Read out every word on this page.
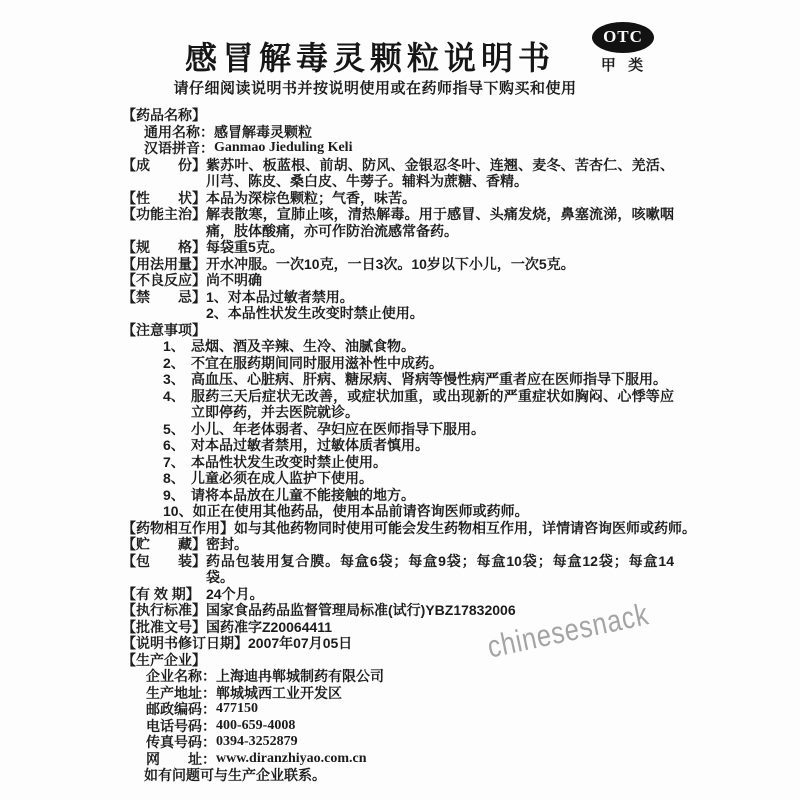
感冒解毒灵颗粒说明书
OTC
甲 类
请仔细阅读说明书并按说明使用或在药师指导下购买和使用
【药品名称】
通用名称： 感冒解毒灵颗粒
汉语拼音： Ganmao Jieduling Keli
【成　　份】 紫苏叶、板蓝根、前胡、防风、金银忍冬叶、连翘、麦冬、苦杏仁、羌活、川芎、陈皮、桑白皮、牛蒡子。辅料为蔗糖、香精。
【性　　状】 本品为深棕色颗粒；气香，味苦。
【功能主治】 解表散寒，宣肺止咳，清热解毒。用于感冒、头痛发烧，鼻塞流涕，咳嗽咽痛，肢体酸痛，亦可作防治流感常备药。
【规　　格】 每袋重5克。
【用法用量】 开水冲服。一次10克，一日3次。10岁以下小儿，一次5克。
【不良反应】 尚不明确
【禁　　忌】 1、对本品过敏者禁用。
2、本品性状发生改变时禁止使用。
【注意事项】
1、 忌烟、酒及辛辣、生冷、油腻食物。
2、 不宜在服药期间同时服用滋补性中成药。
3、 高血压、心脏病、肝病、糖尿病、肾病等慢性病严重者应在医师指导下服用。
4、 服药三天后症状无改善，或症状加重，或出现新的严重症状如胸闷、心悸等应立即停药，并去医院就诊。
5、 小儿、年老体弱者、孕妇应在医师指导下服用。
6、 对本品过敏者禁用，过敏体质者慎用。
7、 本品性状发生改变时禁止使用。
8、 儿童必须在成人监护下使用。
9、 请将本品放在儿童不能接触的地方。
10、 如正在使用其他药品，使用本品前请咨询医师或药师。
【药物相互作用】 如与其他药物同时使用可能会发生药物相互作用，详情请咨询医师或药师。
【贮　　藏】 密封。
【包　　装】 药品包装用复合膜。每盒6袋；每盒9袋；每盒10袋；每盒12袋；每盒14袋。
【有 效 期】 24个月。
【执行标准】 国家食品药品监督管理局标准(试行)YBZ17832006
【批准文号】 国药准字Z20064411
【说明书修订日期】 2007年07月05日
【生产企业】
企业名称： 上海迪冉郸城制药有限公司
生产地址： 郸城城西工业开发区
邮政编码： 477150
电话号码： 400-659-4008
传真号码： 0394-3252879
网　　址： www.diranzhiyao.com.cn
如有问题可与生产企业联系。
chinesesnack
